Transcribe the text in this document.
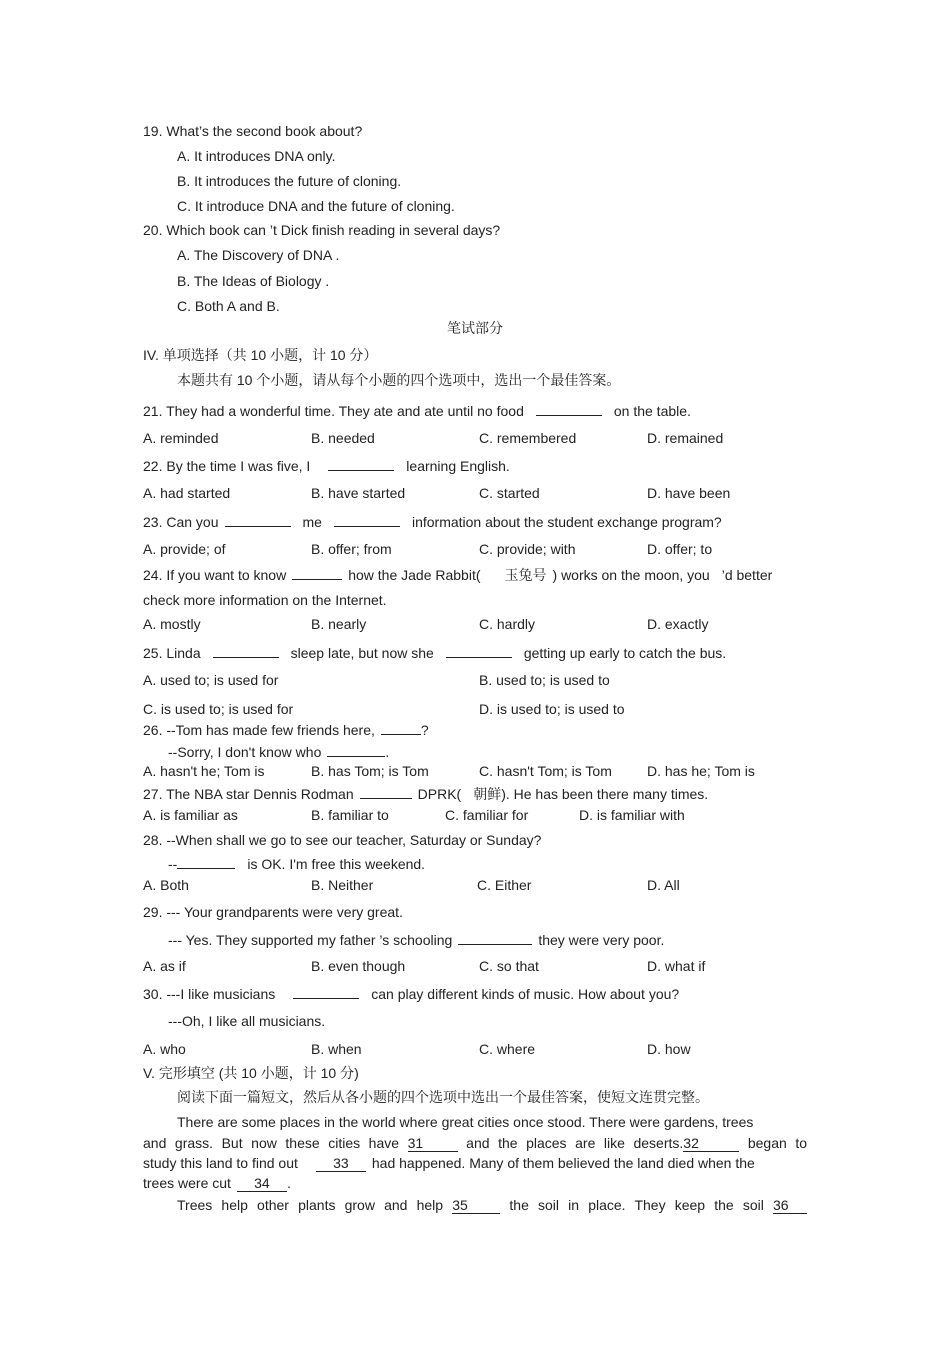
19. What’s the second book about?
A. It introduces DNA only.
B. It introduces the future of cloning.
C. It introduce DNA and the future of cloning.
20. Which book can ’t Dick finish reading in several days?
A. The Discovery of DNA .
B. The Ideas of Biology .
C. Both A and B.
笔试部分
IV. 单项选择（共 10 小题，计 10 分）
本题共有 10 个小题，请从每个小题的四个选项中，选出一个最佳答案。
21. They had a wonderful time. They ate and ate until no food	on the table.
A. reminded	B. needed	C. remembered	D. remained
22. By the time I was five, I	learning English.
A. had started	B. have started	C. started	D. have been
23. Can you	me	information about the student exchange program?
A. provide; of	B. offer; from	C. provide; with	D. offer; to
24. If you want to know	how the Jade Rabbit( 玉兔号 ) works on the moon, you ’d better
check more information on the Internet.
A. mostly	B. nearly	C. hardly	D. exactly
25. Linda	sleep late, but now she	getting up early to catch the bus.
A. used to; is used for	B. used to; is used to
C. is used to; is used for	D. is used to; is used to
26. --Tom has made few friends here,	?
--Sorry, I don't know who	.
A. hasn't he; Tom is	B. has Tom; is Tom	C. hasn't Tom; is Tom	D. has he; Tom is
27. The NBA star Dennis Rodman	DPRK( 朝鲜). He has been there many times.
A. is familiar as	B. familiar to	C. familiar for	D. is familiar with
28. --When shall we go to see our teacher, Saturday or Sunday?
--	is OK. I'm free this weekend.
A. Both	B. Neither	C. Either	D. All
29. --- Your grandparents were very great.
--- Yes. They supported my father ’s schooling	they were very poor.
A. as if	B. even though	C. so that	D. what if
30. ---I like musicians	can play different kinds of music. How about you?
---Oh, I like all musicians.
A. who	B. when	C. where	D. how
V. 完形填空 (共 10 小题，计 10 分)
阅读下面一篇短文，然后从各小题的四个选项中选出一个最佳答案，使短文连贯完整。
There are some places in the world where great cities once stood. There were gardens, trees
and grass. But now these cities have 31	and the places are like deserts.32	began to
study this land to find out	33 had happened. Many of them believed the land died when the
trees were cut 34 .
Trees help other plants grow and help 35	the soil in place. They keep the soil 36
